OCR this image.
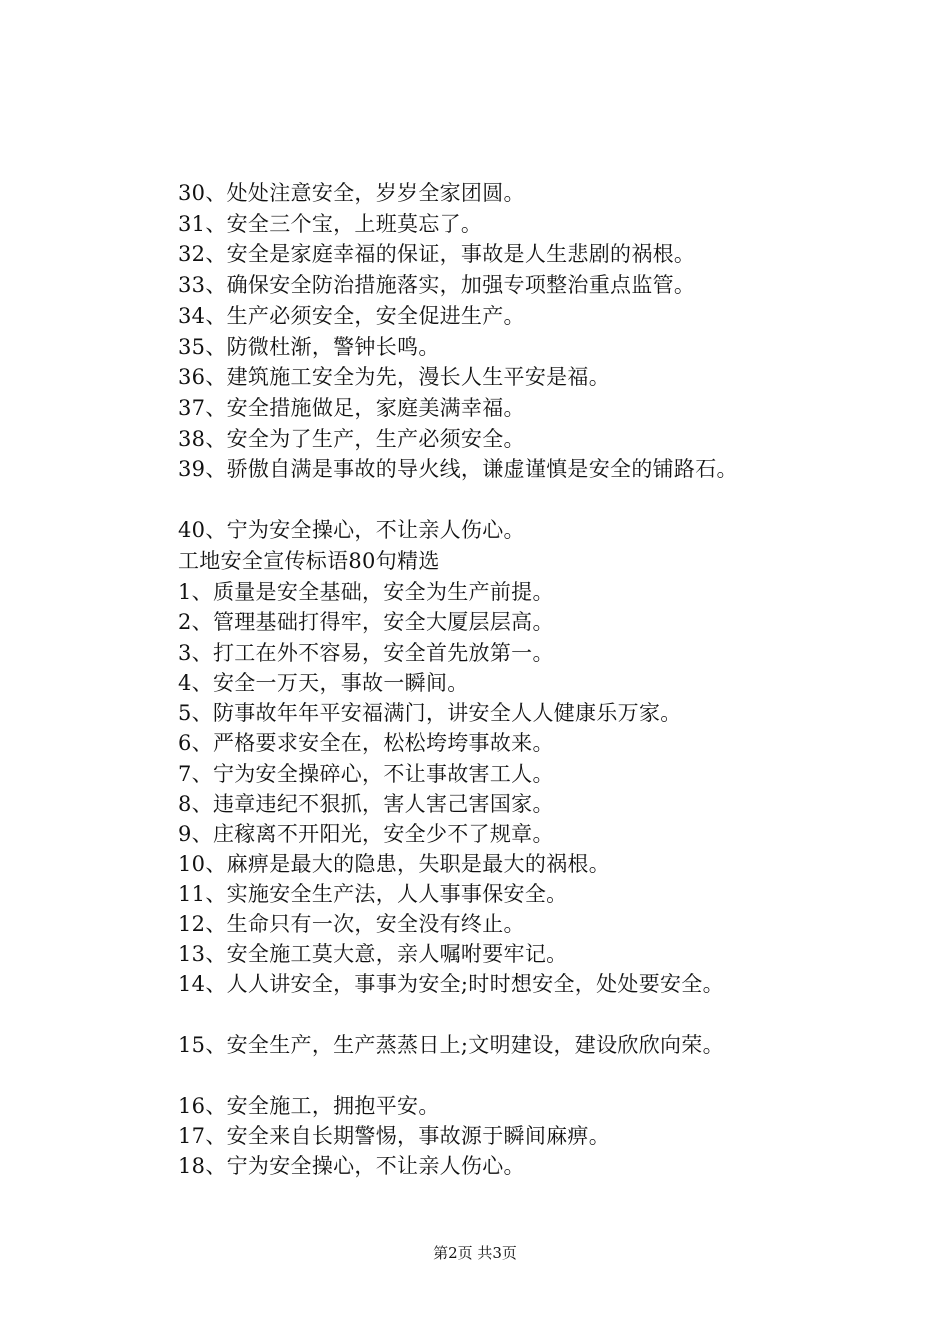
30、处处注意安全，岁岁全家团圆。
31、安全三个宝，上班莫忘了。
32、安全是家庭幸福的保证，事故是人生悲剧的祸根。
33、确保安全防治措施落实，加强专项整治重点监管。
34、生产必须安全，安全促进生产。
35、防微杜渐，警钟长鸣。
36、建筑施工安全为先，漫长人生平安是福。
37、安全措施做足，家庭美满幸福。
38、安全为了生产，生产必须安全。
39、骄傲自满是事故的导火线，谦虚谨慎是安全的铺路石。
40、宁为安全操心，不让亲人伤心。
工地安全宣传标语80句精选
1、质量是安全基础，安全为生产前提。
2、管理基础打得牢，安全大厦层层高。
3、打工在外不容易，安全首先放第一。
4、安全一万天，事故一瞬间。
5、防事故年年平安福满门，讲安全人人健康乐万家。
6、严格要求安全在，松松垮垮事故来。
7、宁为安全操碎心，不让事故害工人。
8、违章违纪不狠抓，害人害己害国家。
9、庄稼离不开阳光，安全少不了规章。
10、麻痹是最大的隐患，失职是最大的祸根。
11、实施安全生产法，人人事事保安全。
12、生命只有一次，安全没有终止。
13、安全施工莫大意，亲人嘱咐要牢记。
14、人人讲安全，事事为安全;时时想安全，处处要安全。
15、安全生产，生产蒸蒸日上;文明建设，建设欣欣向荣。
16、安全施工，拥抱平安。
17、安全来自长期警惕，事故源于瞬间麻痹。
18、宁为安全操心，不让亲人伤心。
第2页 共3页
